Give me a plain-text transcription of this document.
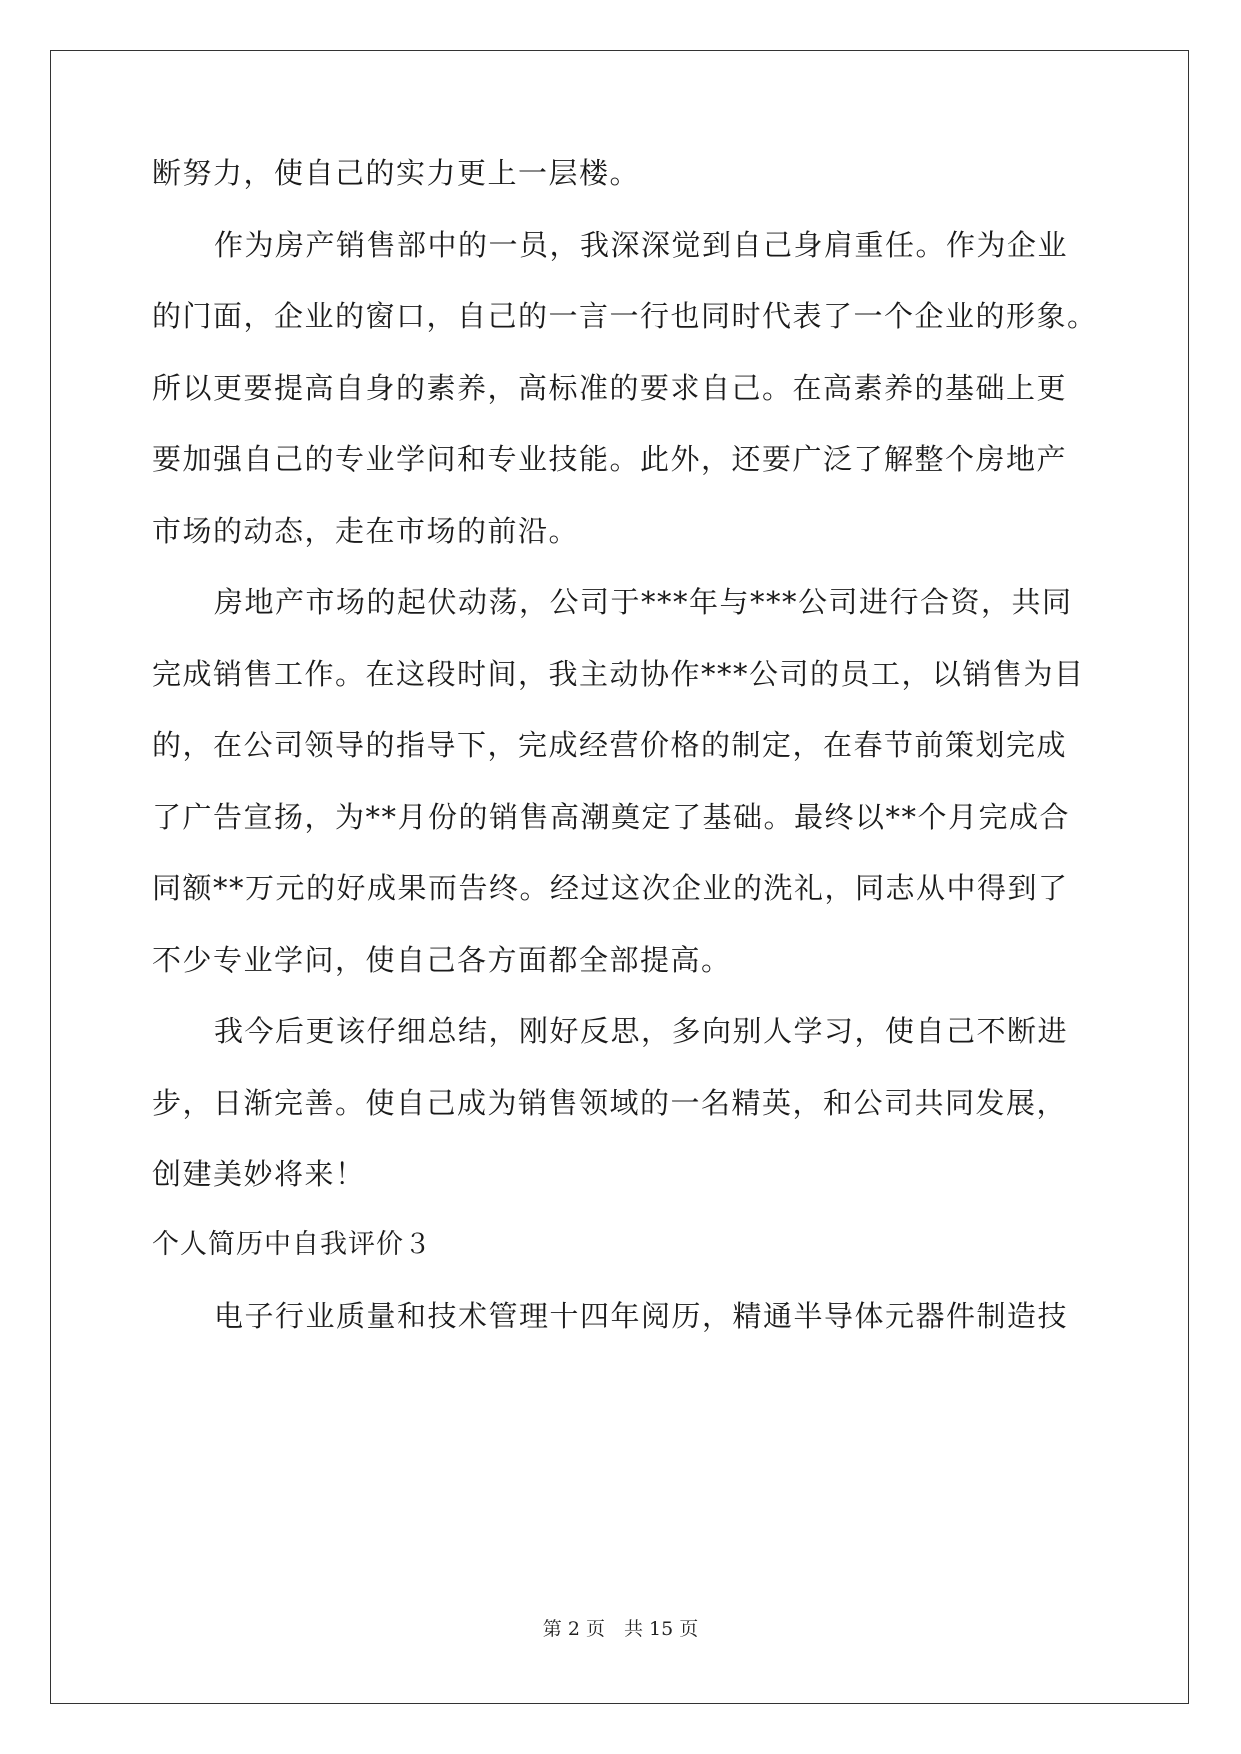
断努力，使自己的实力更上一层楼。
作为房产销售部中的一员，我深深觉到自己身肩重任。作为企业
的门面，企业的窗口，自己的一言一行也同时代表了一个企业的形象。
所以更要提高自身的素养，高标准的要求自己。在高素养的基础上更
要加强自己的专业学问和专业技能。此外，还要广泛了解整个房地产
市场的动态，走在市场的前沿。
房地产市场的起伏动荡，公司于***年与***公司进行合资，共同
完成销售工作。在这段时间，我主动协作***公司的员工，以销售为目
的，在公司领导的指导下，完成经营价格的制定，在春节前策划完成
了广告宣扬，为**月份的销售高潮奠定了基础。最终以**个月完成合
同额**万元的好成果而告终。经过这次企业的洗礼，同志从中得到了
不少专业学问，使自己各方面都全部提高。
我今后更该仔细总结，刚好反思，多向别人学习，使自己不断进
步，日渐完善。使自己成为销售领域的一名精英，和公司共同发展，
创建美妙将来！
个人简历中自我评价３
电子行业质量和技术管理十四年阅历，精通半导体元器件制造技
第 2 页　共 15 页
